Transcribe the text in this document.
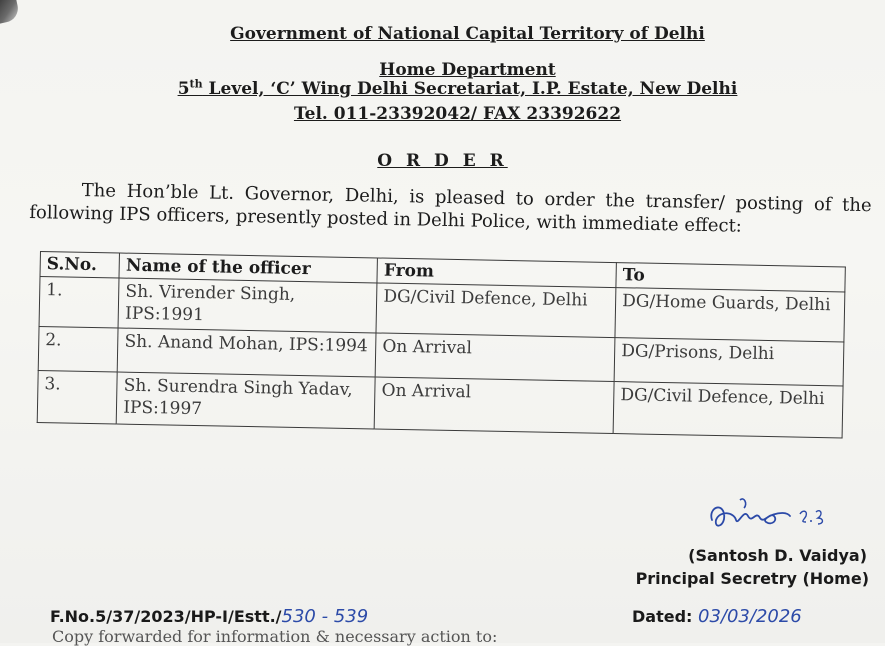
Government of National Capital Territory of Delhi
Home Department
5th Level, ‘C’ Wing Delhi Secretariat, I.P. Estate, New Delhi
Tel. 011-23392042/ FAX 23392622
O R D E R
The Hon’ble Lt. Governor, Delhi, is pleased to order the transfer/ posting of the following IPS officers, presently posted in Delhi Police, with immediate effect:
S.No.	Name of the officer	From	To
1.	Sh. Virender Singh, IPS:1991	DG/Civil Defence, Delhi	DG/Home Guards, Delhi
2.	Sh. Anand Mohan, IPS:1994	On Arrival	DG/Prisons, Delhi
3.	Sh. Surendra Singh Yadav, IPS:1997	On Arrival	DG/Civil Defence, Delhi
(Santosh D. Vaidya)
Principal Secretry (Home)
F.No.5/37/2023/HP-I/Estt./530 - 539	Dated: 03/03/2026
Copy forwarded for information & necessary action to:
